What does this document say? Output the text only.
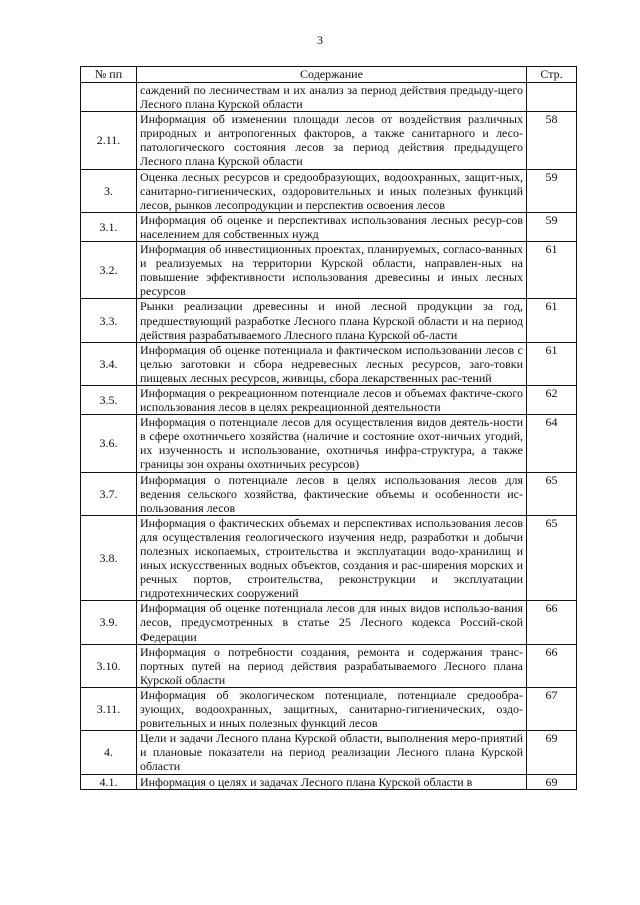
3
№ пп	Содержание	Стр.
	саждений по лесничествам и их анализ за период действия предыду-щего Лесного плана Курской области	
2.11.	Информация об изменении площади лесов от воздействия различных природных и антропогенных факторов, а также санитарного и лесо-патологического состояния лесов за период действия предыдущего Лесного плана Курской области	58
3.	Оценка лесных ресурсов и средообразующих, водоохранных, защит-ных, санитарно-гигиенических, оздоровительных и иных полезных функций лесов, рынков лесопродукции и перспектив освоения лесов	59
3.1.	Информация об оценке и перспективах использования лесных ресур-сов населением для собственных нужд	59
3.2.	Информация об инвестиционных проектах, планируемых, согласо-ванных и реализуемых на территории Курской области, направлен-ных на повышение эффективности использования древесины и иных лесных ресурсов	61
3.3.	Рынки реализации древесины и иной лесной продукции за год, предшествующий разработке Лесного плана Курской области и на период действия разрабатываемого Ллесного плана Курской об-ласти	61
3.4.	Информация об оценке потенциала и фактическом использовании лесов с целью заготовки и сбора недревесных лесных ресурсов, заго-товки пищевых лесных ресурсов, живицы, сбора лекарственных рас-тений	61
3.5.	Информация о рекреационном потенциале лесов и объемах фактиче-ского использования лесов в целях рекреационной деятельности	62
3.6.	Информация о потенциале лесов для осуществления видов деятель-ности в сфере охотничьего хозяйства (наличие и состояние охот-ничьих угодий, их изученность и использование, охотничья инфра-структура, а также границы зон охраны охотничьих ресурсов)	64
3.7.	Информация о потенциале лесов в целях использования лесов для ведения сельского хозяйства, фактические объемы и особенности ис-пользования лесов	65
3.8.	Информация о фактических объемах и перспективах использования лесов для осуществления геологического изучения недр, разработки и добычи полезных ископаемых, строительства и эксплуатации водо-хранилищ и иных искусственных водных объектов, создания и рас-ширения морских и речных портов, строительства, реконструкции и эксплуатации гидротехнических сооружений	65
3.9.	Информация об оценке потенциала лесов для иных видов использо-вания лесов, предусмотренных в статье 25 Лесного кодекса Россий-ской Федерации	66
3.10.	Информация о потребности создания, ремонта и содержания транс-портных путей на период действия разрабатываемого Лесного плана Курской области	66
3.11.	Информация об экологическом потенциале, потенциале средообра-зующих, водоохранных, защитных, санитарно-гигиенических, оздо-ровительных и иных полезных функций лесов	67
4.	Цели и задачи Лесного плана Курской области, выполнения меро-приятий и плановые показатели на период реализации Лесного плана Курской области	69
4.1.	Информация о целях и задачах Лесного плана Курской области в	69
